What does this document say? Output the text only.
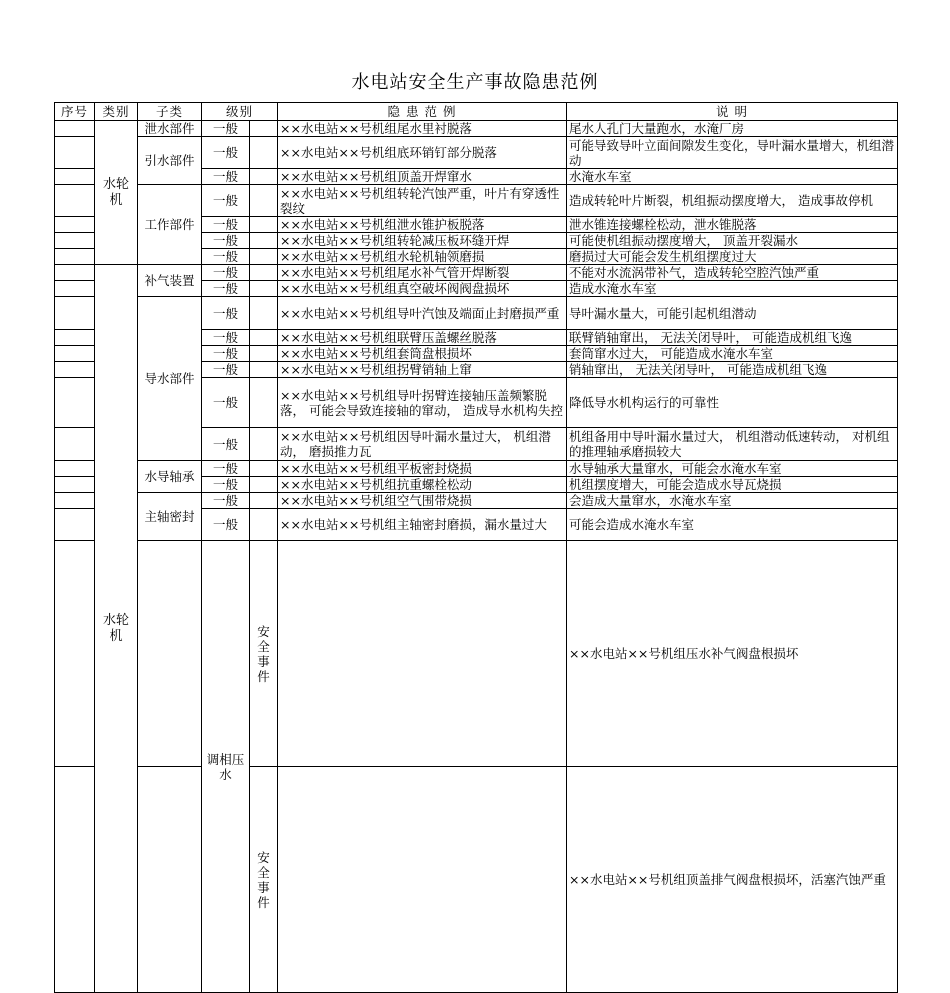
水电站安全生产事故隐患范例
序号	类别	子类	级别		隐 患 范 例	说 明	
	水轮机	泄水部件	一般		××水电站××号机组尾水里衬脱落	尾水人孔门大量跑水，水淹厂房	
		引水部件	一般		××水电站××号机组底环销钉部分脱落	可能导致导叶立面间隙发生变化，导叶漏水量增大，机组潜动	
			一般		××水电站××号机组顶盖开焊窜水	水淹水车室	
		工作部件	一般		××水电站××号机组转轮汽蚀严重，叶片有穿透性裂纹	造成转轮叶片断裂，机组振动摆度增大， 造成事故停机	
			一般		××水电站××号机组泄水锥护板脱落	泄水锥连接螺栓松动，泄水锥脱落	
			一般		××水电站××号机组转轮减压板环缝开焊	可能使机组振动摆度增大， 顶盖开裂漏水	
			一般		××水电站××号机组水轮机轴领磨损	磨损过大可能会发生机组摆度过大	
	水轮机	补气装置	一般		××水电站××号机组尾水补气管开焊断裂	不能对水流涡带补气，造成转轮空腔汽蚀严重	
			一般		××水电站××号机组真空破坏阀阀盘损坏	造成水淹水车室	
		导水部件	一般		××水电站××号机组导叶汽蚀及端面止封磨损严重	导叶漏水量大，可能引起机组潜动	
			一般		××水电站××号机组联臂压盖螺丝脱落	联臂销轴窜出， 无法关闭导叶， 可能造成机组飞逸	
			一般		××水电站××号机组套筒盘根损坏	套筒窜水过大， 可能造成水淹水车室	
			一般		××水电站××号机组拐臂销轴上窜	销轴窜出， 无法关闭导叶， 可能造成机组飞逸	
			一般		××水电站××号机组导叶拐臂连接轴压盖频繁脱落， 可能会导致连接轴的窜动， 造成导水机构失控	降低导水机构运行的可靠性	
			一般		××水电站××号机组因导叶漏水量过大， 机组潜动， 磨损推力瓦	机组备用中导叶漏水量过大， 机组潜动低速转动， 对机组的推理轴承磨损较大	
		水导轴承	一般		××水电站××号机组平板密封烧损	水导轴承大量窜水，可能会水淹水车室	
			一般		××水电站××号机组抗重螺栓松动	机组摆度增大，可能会造成水导瓦烧损	
		主轴密封	一般		××水电站××号机组空气围带烧损	会造成大量窜水，水淹水车室	
			一般		××水电站××号机组主轴密封磨损，漏水量过大	可能会造成水淹水车室	
			调相压水	安全事件		××水电站××号机组压水补气阀盘根损坏	
				安全事件		××水电站××号机组顶盖排气阀盘根损坏，活塞汽蚀严重	
